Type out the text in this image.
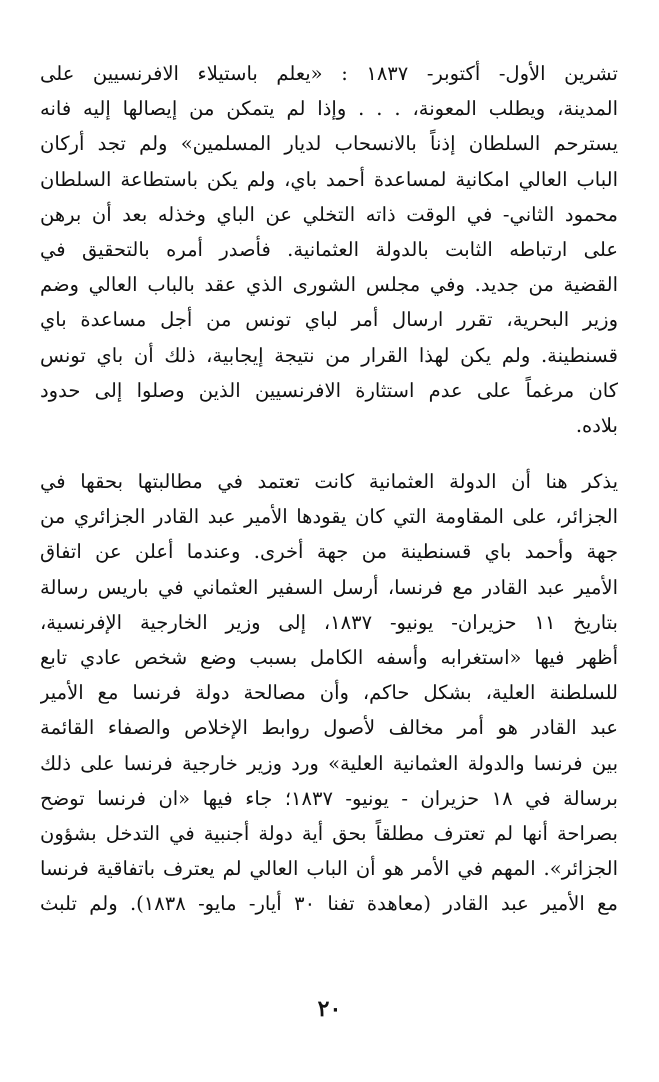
تشرين الأول- أكتوبر- ١٨٣٧ : «يعلم باستيلاء الافرنسيين على
المدينة، ويطلب المعونة، . . . وإذا لم يتمكن من إيصالها إليه فانه
يسترحم السلطان إذناً بالانسحاب لديار المسلمين» ولم تجد أركان
الباب العالي امكانية لمساعدة أحمد باي، ولم يكن باستطاعة السلطان
محمود الثاني- في الوقت ذاته التخلي عن الباي وخذله بعد أن برهن
على ارتباطه الثابت بالدولة العثمانية. فأصدر أمره بالتحقيق في
القضية من جديد. وفي مجلس الشورى الذي عقد بالباب العالي وضم
وزير البحرية، تقرر ارسال أمر لباي تونس من أجل مساعدة باي
قسنطينة. ولم يكن لهذا القرار من نتيجة إيجابية، ذلك أن باي تونس
كان مرغماً على عدم استثارة الافرنسيين الذين وصلوا إلى حدود
بلاده.
يذكر هنا أن الدولة العثمانية كانت تعتمد في مطالبتها بحقها في
الجزائر، على المقاومة التي كان يقودها الأمير عبد القادر الجزائري من
جهة وأحمد باي قسنطينة من جهة أخرى. وعندما أعلن عن اتفاق
الأمير عبد القادر مع فرنسا، أرسل السفير العثماني في باريس رسالة
بتاريخ ١١ حزيران- يونيو- ١٨٣٧، إلى وزير الخارجية الإفرنسية،
أظهر فيها «استغرابه وأسفه الكامل بسبب وضع شخص عادي تابع
للسلطنة العلية، بشكل حاكم، وأن مصالحة دولة فرنسا مع الأمير
عبد القادر هو أمر مخالف لأصول روابط الإخلاص والصفاء القائمة
بين فرنسا والدولة العثمانية العلية» ورد وزير خارجية فرنسا على ذلك
برسالة في ١٨ حزيران - يونيو- ١٨٣٧؛ جاء فيها «ان فرنسا توضح
بصراحة أنها لم تعترف مطلقاً بحق أية دولة أجنبية في التدخل بشؤون
الجزائر». المهم في الأمر هو أن الباب العالي لم يعترف باتفاقية فرنسا
مع الأمير عبد القادر (معاهدة تفنا ٣٠ أيار- مايو- ١٨٣٨). ولم تلبث
٢٠
